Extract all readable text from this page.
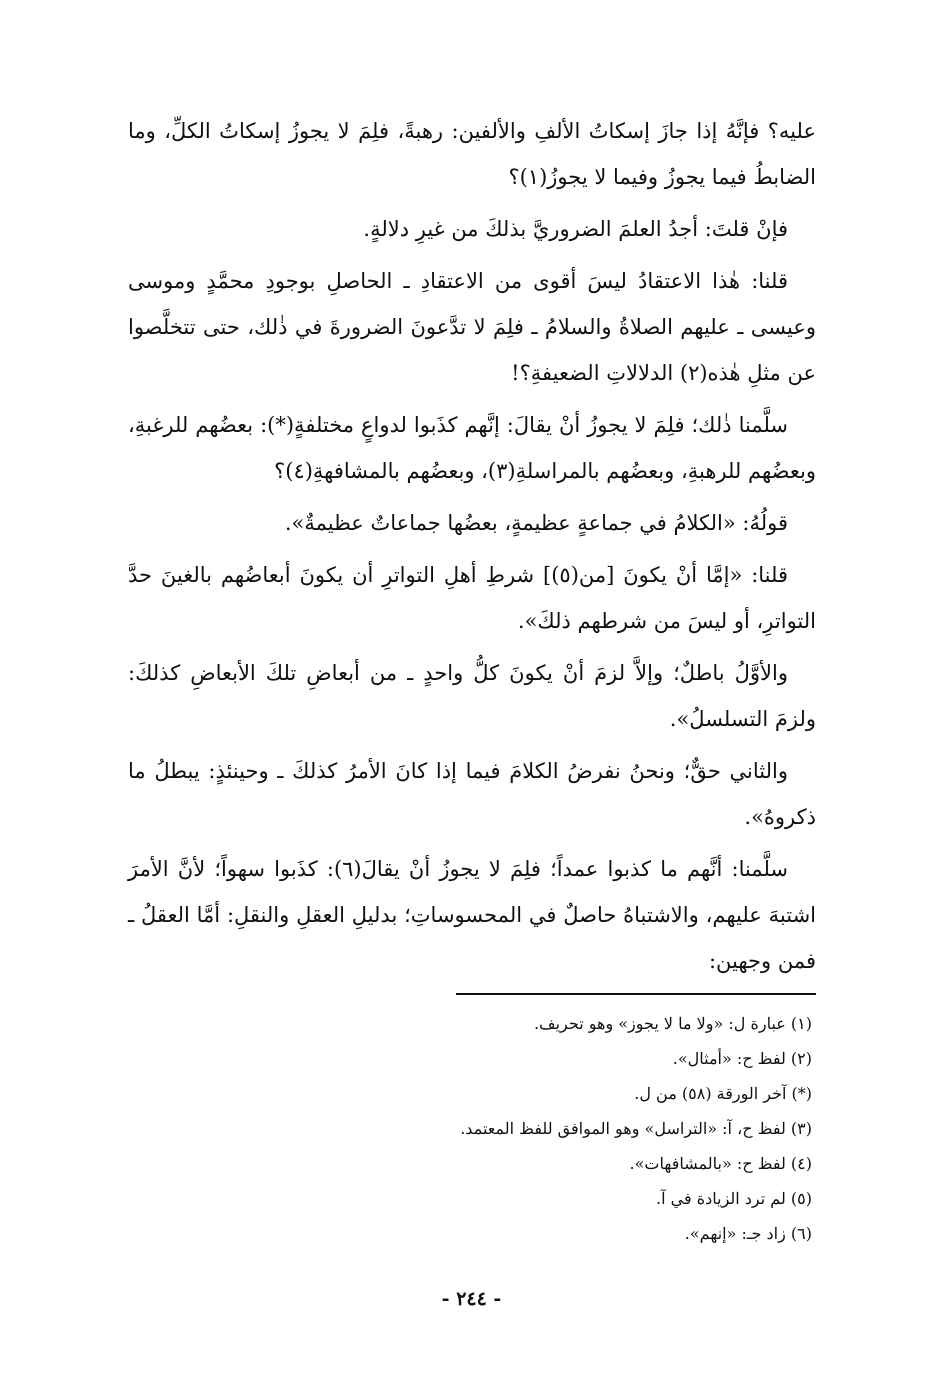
عليه؟ فإنَّهُ إذا جازَ إسكاتُ الألفِ والألفين: رهبةً، فلِمَ لا يجوزُ إسكاتُ الكلِّ، وما الضابطُ فيما يجوزُ وفيما لا يجوزُ(١)؟

فإنْ قلتَ: أجدُ العلمَ الضروريَّ بذلكَ من غيرِ دلالةٍ.

قلنا: هٰذا الاعتقادُ ليسَ أقوى من الاعتقادِ ـ الحاصلِ بوجودِ محمَّدٍ وموسى وعيسى ـ عليهم الصلاةُ والسلامُ ـ فلِمَ لا تدَّعونَ الضرورةَ في ذٰلك، حتى تتخلَّصوا عن مثلِ هٰذه(٢) الدلالاتِ الضعيفةِ؟!

سلَّمنا ذٰلك؛ فلِمَ لا يجوزُ أنْ يقالَ: إنَّهم كذَبوا لدواعٍ مختلفةٍ(*): بعضُهم للرغبةِ، وبعضُهم للرهبةِ، وبعضُهم بالمراسلةِ(٣)، وبعضُهم بالمشافهةِ(٤)؟

قولُهُ: «الكلامُ في جماعةٍ عظيمةٍ، بعضُها جماعاتٌ عظيمةٌ».

قلنا: «إمَّا أنْ يكونَ [من(٥)] شرطِ أهلِ التواترِ أن يكونَ أبعاضُهم بالغينَ حدَّ التواترِ، أو ليسَ من شرطهم ذلكَ».

والأوَّلُ باطلٌ؛ وإلاَّ لزمَ أنْ يكونَ كلُّ واحدٍ ـ من أبعاضِ تلكَ الأبعاضِ كذلكَ: ولزمَ التسلسلُ».

والثاني حقٌّ؛ ونحنُ نفرضُ الكلامَ فيما إذا كانَ الأمرُ كذلكَ ـ وحينئذٍ: يبطلُ ما ذكروهُ».

سلَّمنا: أنَّهم ما كذبوا عمداً؛ فلِمَ لا يجوزُ أنْ يقالَ(٦): كذَبوا سهواً؛ لأنَّ الأمرَ اشتبهَ عليهم، والاشتباهُ حاصلٌ في المحسوساتِ؛ بدليلِ العقلِ والنقلِ: أمَّا العقلُ ـ فمن وجهين:

(١) عبارة ل: «ولا ما لا يجوز» وهو تحريف.

(٢) لفظ ح: «أمثال».

(*) آخر الورقة (٥٨) من ل.

(٣) لفظ ح، آ: «التراسل» وهو الموافق للفظ المعتمد.

(٤) لفظ ح: «بالمشافهات».

(٥) لم ترد الزيادة في آ.

(٦) زاد جـ: «إنهم».

- ٢٤٤ -
